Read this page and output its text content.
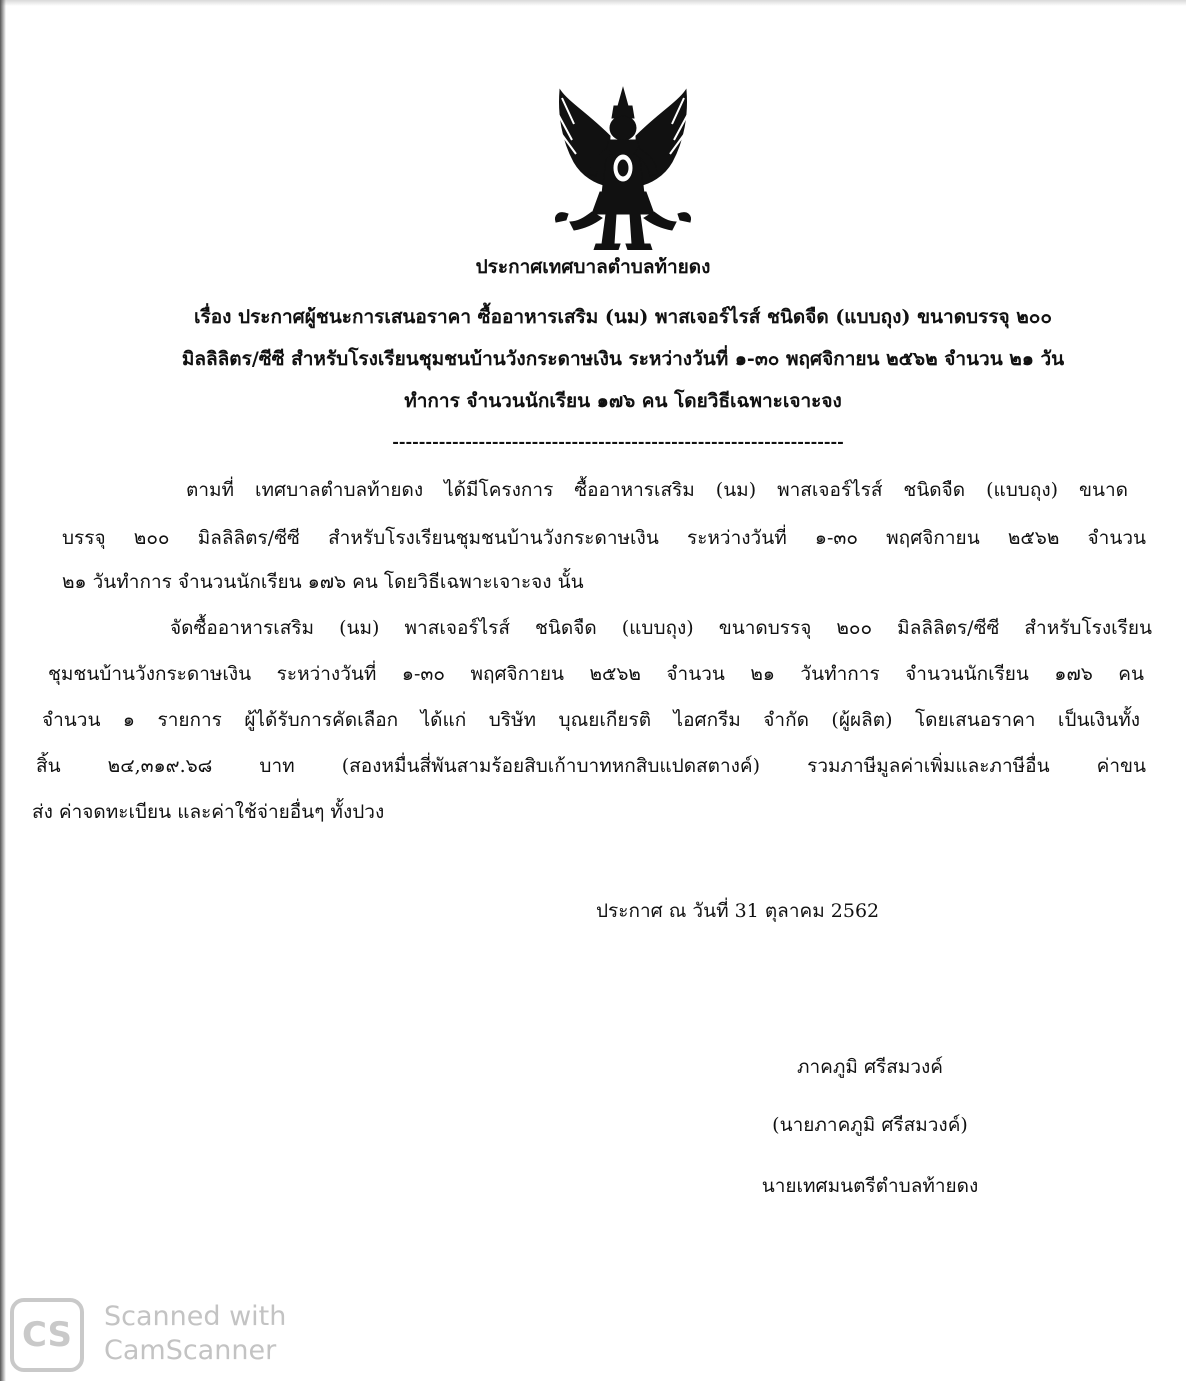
ประกาศเทศบาลตำบลท้ายดง
เรื่อง ประกาศผู้ชนะการเสนอราคา ซื้ออาหารเสริม (นม) พาสเจอร์ไรส์ ชนิดจืด (แบบถุง) ขนาดบรรจุ ๒๐๐
มิลลิลิตร/ซีซี สำหรับโรงเรียนชุมชนบ้านวังกระดาษเงิน ระหว่างวันที่ ๑-๓๐ พฤศจิกายน ๒๕๖๒ จำนวน ๒๑ วัน
ทำการ จำนวนนักเรียน ๑๗๖ คน โดยวิธีเฉพาะเจาะจง
--------------------------------------------------------------------
ตามที่ เทศบาลตำบลท้ายดง ได้มีโครงการ ซื้ออาหารเสริม (นม) พาสเจอร์ไรส์ ชนิดจืด (แบบถุง) ขนาด
บรรจุ ๒๐๐ มิลลิลิตร/ซีซี สำหรับโรงเรียนชุมชนบ้านวังกระดาษเงิน ระหว่างวันที่ ๑-๓๐ พฤศจิกายน ๒๕๖๒ จำนวน
๒๑ วันทำการ จำนวนนักเรียน ๑๗๖ คน โดยวิธีเฉพาะเจาะจง นั้น
จัดซื้ออาหารเสริม (นม) พาสเจอร์ไรส์ ชนิดจืด (แบบถุง) ขนาดบรรจุ ๒๐๐ มิลลิลิตร/ซีซี สำหรับโรงเรียน
ชุมชนบ้านวังกระดาษเงิน ระหว่างวันที่ ๑-๓๐ พฤศจิกายน ๒๕๖๒ จำนวน ๒๑ วันทำการ จำนวนนักเรียน ๑๗๖ คน
จำนวน ๑ รายการ ผู้ได้รับการคัดเลือก ได้แก่ บริษัท บุณยเกียรติ ไอศกรีม จำกัด (ผู้ผลิต) โดยเสนอราคา เป็นเงินทั้ง
สิ้น ๒๔,๓๑๙.๖๘ บาท (สองหมื่นสี่พันสามร้อยสิบเก้าบาทหกสิบแปดสตางค์) รวมภาษีมูลค่าเพิ่มและภาษีอื่น ค่าขน
ส่ง ค่าจดทะเบียน และค่าใช้จ่ายอื่นๆ ทั้งปวง
ประกาศ ณ วันที่ 31 ตุลาคม 2562
ภาคภูมิ ศรีสมวงค์
(นายภาคภูมิ ศรีสมวงค์)
นายเทศมนตรีตำบลท้ายดง
CS	Scanned with
CamScanner
